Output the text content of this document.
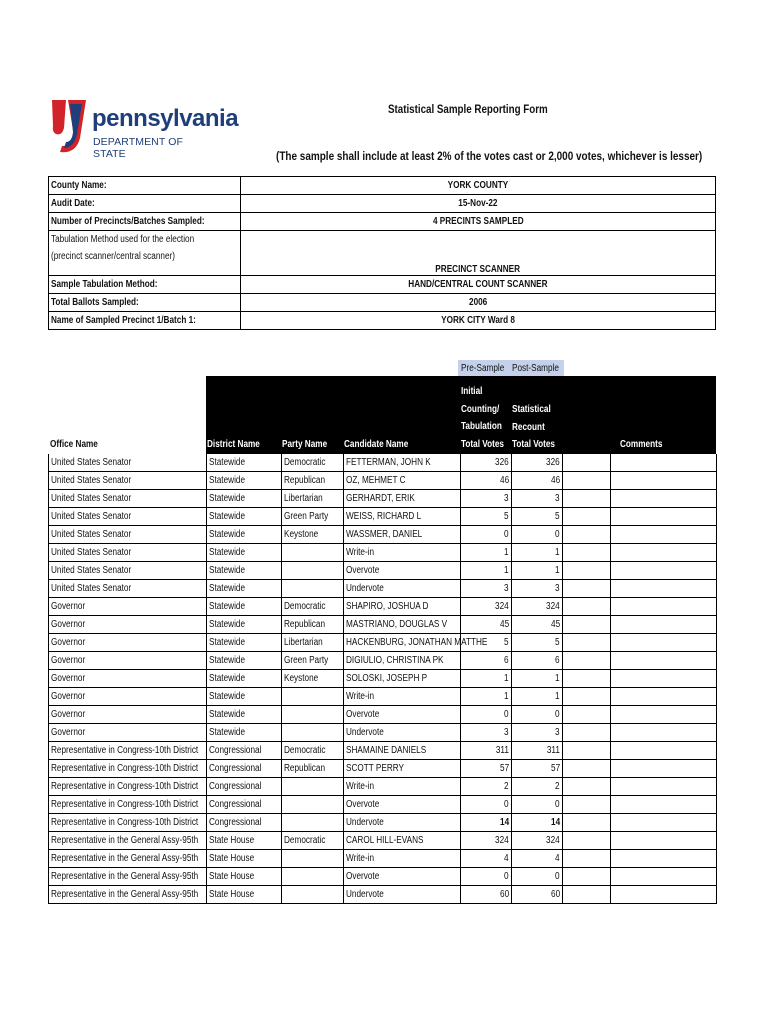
pennsylvania
DEPARTMENT OF STATE
Statistical Sample Reporting Form
(The sample shall include at least 2% of the votes cast or 2,000 votes, whichever is lesser)
County Name:	YORK COUNTY
Audit Date:	15-Nov-22
Number of Precincts/Batches Sampled:	4 PRECINTS SAMPLED

Tabulation Method used for the election
(precinct scanner/central scanner)	PRECINCT SCANNER
Sample Tabulation Method:	HAND/CENTRAL COUNT SCANNER
Total Ballots Sampled:	2006
Name of Sampled Precinct 1/Batch 1:	YORK CITY Ward 8
Pre-Sample Post-Sample
Office Name	District Name Party Name Candidate Name
Initial
Counting/
Tabulation
Total Votes
Statistical
Recount
Total Votes	Comments
United States Senator	Statewide	Democratic	FETTERMAN, JOHN K	326	326		
United States Senator	Statewide	Republican	OZ, MEHMET C	46	46		
United States Senator	Statewide	Libertarian	GERHARDT, ERIK	3	3		
United States Senator	Statewide	Green Party	WEISS, RICHARD L	5	5		
United States Senator	Statewide	Keystone	WASSMER, DANIEL	0	0		
United States Senator	Statewide		Write-in	1	1		
United States Senator	Statewide		Overvote	1	1		
United States Senator	Statewide		Undervote	3	3		
Governor	Statewide	Democratic	SHAPIRO, JOSHUA D	324	324		
Governor	Statewide	Republican	MASTRIANO, DOUGLAS V	45	45		
Governor	Statewide	Libertarian	HACKENBURG, JONATHAN MATTHE	5	5		
Governor	Statewide	Green Party	DIGIULIO, CHRISTINA PK	6	6		
Governor	Statewide	Keystone	SOLOSKI, JOSEPH P	1	1		
Governor	Statewide		Write-in	1	1		
Governor	Statewide		Overvote	0	0		
Governor	Statewide		Undervote	3	3		
Representative in Congress-10th District	Congressional	Democratic	SHAMAINE DANIELS	311	311		
Representative in Congress-10th District	Congressional	Republican	SCOTT PERRY	57	57		
Representative in Congress-10th District	Congressional		Write-in	2	2		
Representative in Congress-10th District	Congressional		Overvote	0	0		
Representative in Congress-10th District	Congressional		Undervote	14	14		
Representative in the General Assy-95th	State House	Democratic	CAROL HILL-EVANS	324	324		
Representative in the General Assy-95th	State House		Write-in	4	4		
Representative in the General Assy-95th	State House		Overvote	0	0		
Representative in the General Assy-95th	State House		Undervote	60	60		
